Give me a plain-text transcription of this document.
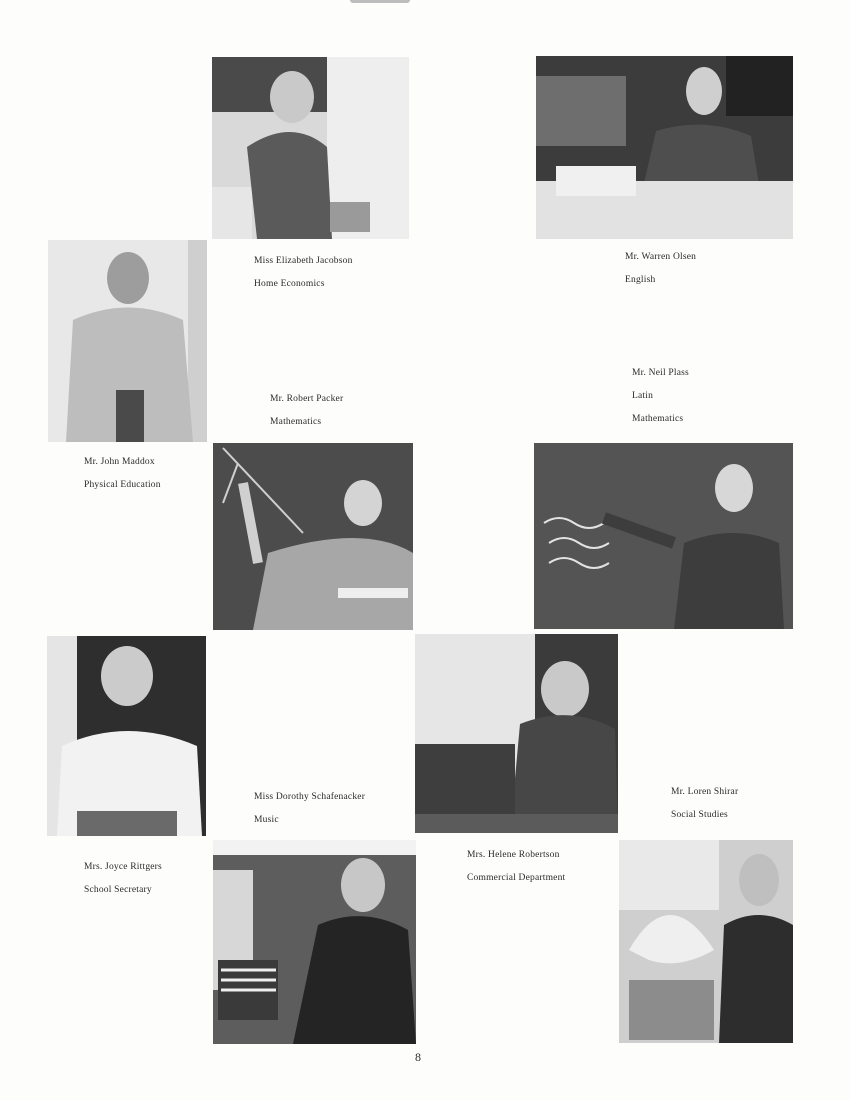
Miss Elizabeth Jacobson
Home Economics
Mr. Warren Olsen
English
Mr. John Maddox
Physical Education
Mr. Robert Packer
Mathematics
Mr. Neil Plass
Latin
Mathematics
Mrs. Joyce Rittgers
School Secretary
Miss Dorothy Schafenacker
Music
Mrs. Helene Robertson
Commercial Department
Mr. Loren Shirar
Social Studies
8
